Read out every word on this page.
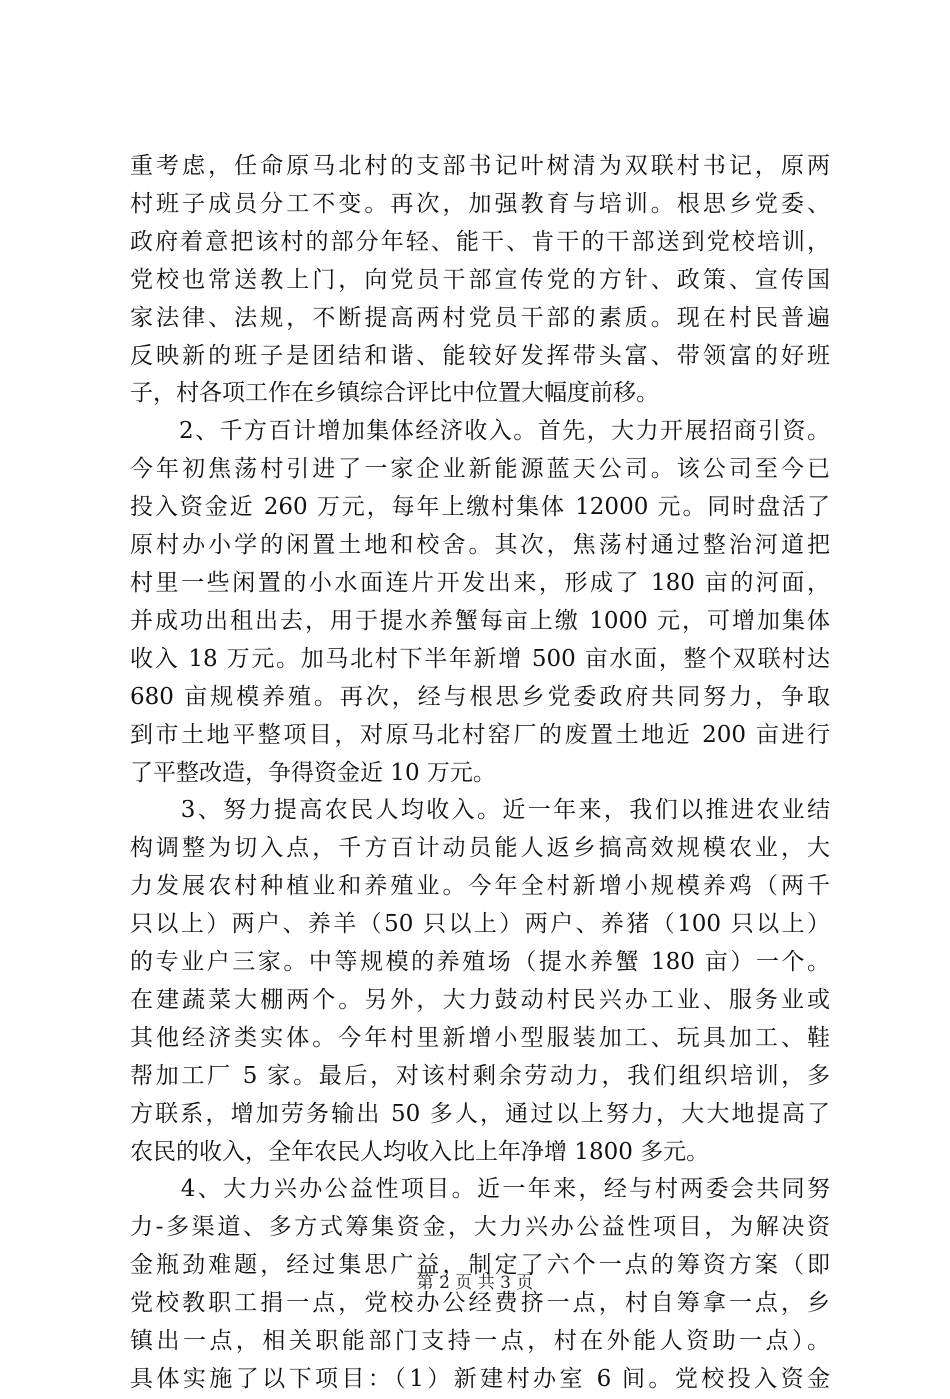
重考虑，任命原马北村的支部书记叶树清为双联村书记，原两
村班子成员分工不变。再次，加强教育与培训。根思乡党委、
政府着意把该村的部分年轻、能干、肯干的干部送到党校培训，
党校也常送教上门，向党员干部宣传党的方针、政策、宣传国
家法律、法规，不断提高两村党员干部的素质。现在村民普遍
反映新的班子是团结和谐、能较好发挥带头富、带领富的好班
子，村各项工作在乡镇综合评比中位置大幅度前移。
　　2、千方百计增加集体经济收入。首先，大力开展招商引资。
今年初焦荡村引进了一家企业新能源蓝天公司。该公司至今已
投入资金近 260 万元，每年上缴村集体 12000 元。同时盘活了
原村办小学的闲置土地和校舍。其次，焦荡村通过整治河道把
村里一些闲置的小水面连片开发出来，形成了 180 亩的河面，
并成功出租出去，用于提水养蟹每亩上缴 1000 元，可增加集体
收入 18 万元。加马北村下半年新增 500 亩水面，整个双联村达
680 亩规模养殖。再次，经与根思乡党委政府共同努力，争取
到市土地平整项目，对原马北村窑厂的废置土地近 200 亩进行
了平整改造，争得资金近 10 万元。
　　3、努力提高农民人均收入。近一年来，我们以推进农业结
构调整为切入点，千方百计动员能人返乡搞高效规模农业，大
力发展农村种植业和养殖业。今年全村新增小规模养鸡（两千
只以上）两户、养羊（50 只以上）两户、养猪（100 只以上）
的专业户三家。中等规模的养殖场（提水养蟹 180 亩）一个。
在建蔬菜大棚两个。另外，大力鼓动村民兴办工业、服务业或
其他经济类实体。今年村里新增小型服装加工、玩具加工、鞋
帮加工厂 5 家。最后，对该村剩余劳动力，我们组织培训，多
方联系，增加劳务输出 50 多人，通过以上努力，大大地提高了
农民的收入，全年农民人均收入比上年净增 1800 多元。
　　4、大力兴办公益性项目。近一年来，经与村两委会共同努
力-多渠道、多方式筹集资金，大力兴办公益性项目，为解决资
金瓶劲难题，经过集思广益，制定了六个一点的筹资方案（即
党校教职工捐一点，党校办公经费挤一点，村自筹拿一点，乡
镇出一点，相关职能部门支持一点，村在外能人资助一点）。
具体实施了以下项目：（1）新建村办室 6 间。党校投入资金
第 2 页 共 3 页
